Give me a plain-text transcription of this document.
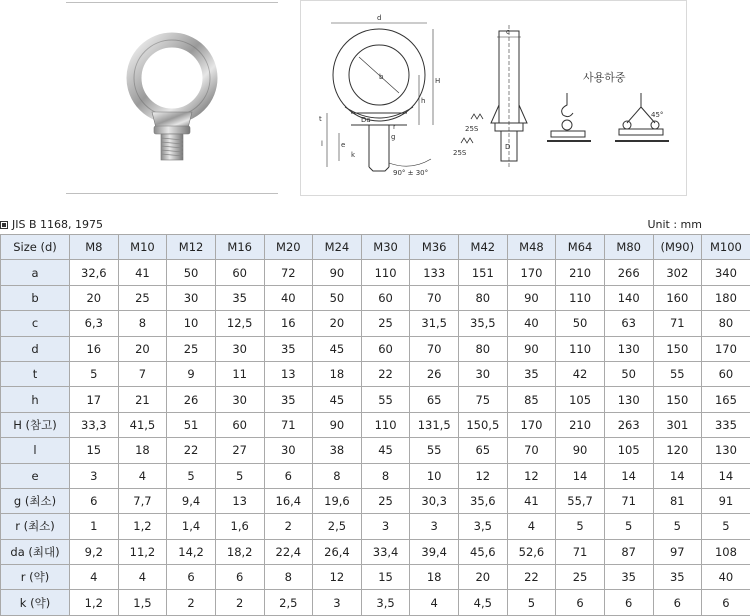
d
H
h
b
Da
t
l	e
g
r
k
90° ± 30°
c
D
25S
25S
사용하중
45°
JIS B 1168, 1975	Unit : mm
Size (d)	M8	M10	M12	M16	M20	M24	M30	M36	M42	M48	M64	M80	(M90)	M100
a	32,6	41	50	60	72	90	110	133	151	170	210	266	302	340
b	20	25	30	35	40	50	60	70	80	90	110	140	160	180
c	6,3	8	10	12,5	16	20	25	31,5	35,5	40	50	63	71	80
d	16	20	25	30	35	45	60	70	80	90	110	130	150	170
t	5	7	9	11	13	18	22	26	30	35	42	50	55	60
h	17	21	26	30	35	45	55	65	75	85	105	130	150	165
H (참고)	33,3	41,5	51	60	71	90	110	131,5	150,5	170	210	263	301	335
l	15	18	22	27	30	38	45	55	65	70	90	105	120	130
e	3	4	5	5	6	8	8	10	12	12	14	14	14	14
g (최소)	6	7,7	9,4	13	16,4	19,6	25	30,3	35,6	41	55,7	71	81	91
r (최소)	1	1,2	1,4	1,6	2	2,5	3	3	3,5	4	5	5	5	5
da (최대)	9,2	11,2	14,2	18,2	22,4	26,4	33,4	39,4	45,6	52,6	71	87	97	108
r (약)	4	4	6	6	8	12	15	18	20	22	25	35	35	40
k (약)	1,2	1,5	2	2	2,5	3	3,5	4	4,5	5	6	6	6	6
